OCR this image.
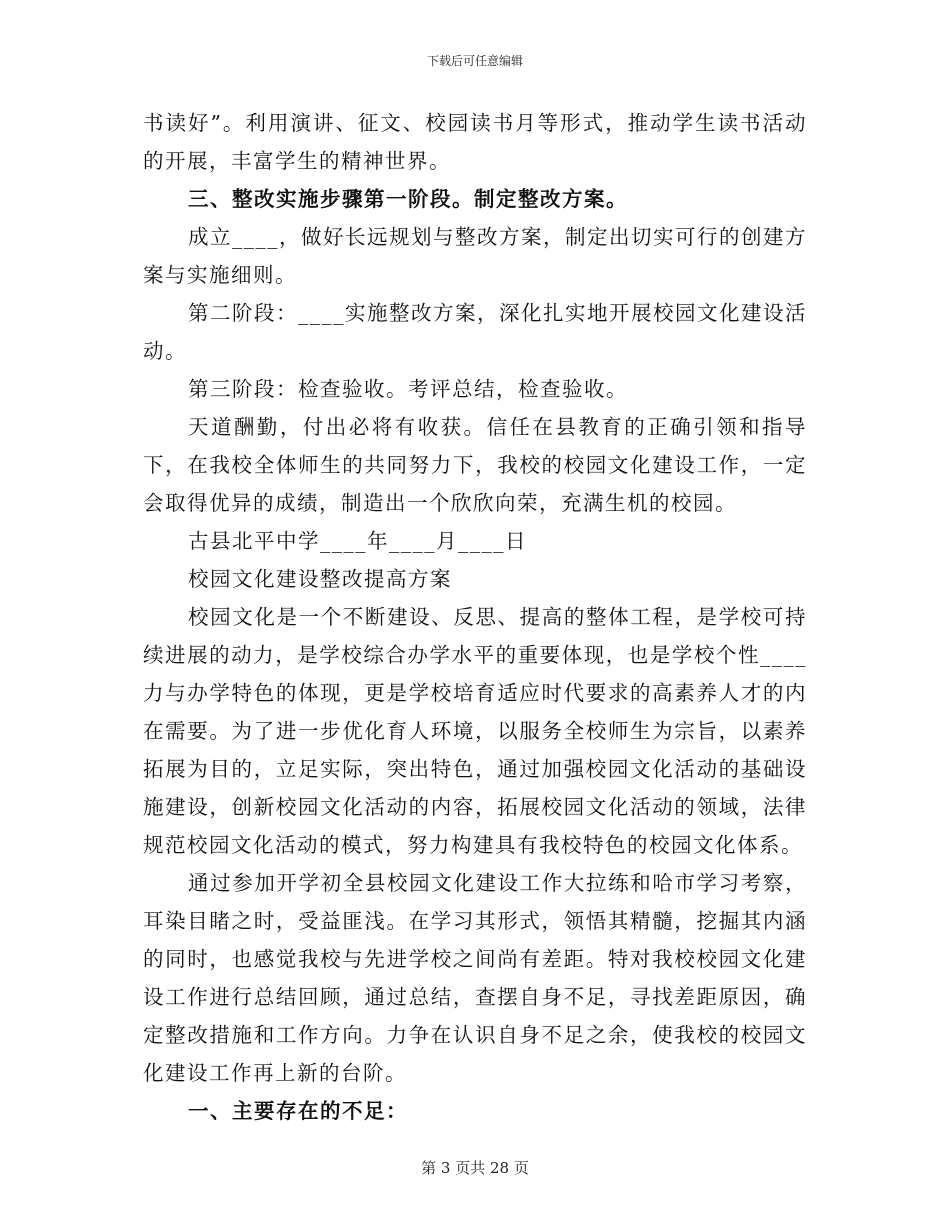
下载后可任意编辑

书读好”。利用演讲、征文、校园读书月等形式，推动学生读书活动的开展，丰富学生的精神世界。

三、整改实施步骤第一阶段。制定整改方案。

成立____，做好长远规划与整改方案，制定出切实可行的创建方案与实施细则。

第二阶段：____实施整改方案，深化扎实地开展校园文化建设活动。

第三阶段：检查验收。考评总结，检查验收。

天道酬勤，付出必将有收获。信任在县教育的正确引领和指导下，在我校全体师生的共同努力下，我校的校园文化建设工作，一定会取得优异的成绩，制造出一个欣欣向荣，充满生机的校园。

古县北平中学____年____月____日

校园文化建设整改提高方案

校园文化是一个不断建设、反思、提高的整体工程，是学校可持续进展的动力，是学校综合办学水平的重要体现，也是学校个性____力与办学特色的体现，更是学校培育适应时代要求的高素养人才的内在需要。为了进一步优化育人环境，以服务全校师生为宗旨，以素养拓展为目的，立足实际，突出特色，通过加强校园文化活动的基础设施建设，创新校园文化活动的内容，拓展校园文化活动的领域，法律规范校园文化活动的模式，努力构建具有我校特色的校园文化体系。

通过参加开学初全县校园文化建设工作大拉练和哈市学习考察，耳染目睹之时，受益匪浅。在学习其形式，领悟其精髓，挖掘其内涵的同时，也感觉我校与先进学校之间尚有差距。特对我校校园文化建设工作进行总结回顾，通过总结，查摆自身不足，寻找差距原因，确定整改措施和工作方向。力争在认识自身不足之余，使我校的校园文化建设工作再上新的台阶。

一、主要存在的不足：

第 3 页共 28 页
